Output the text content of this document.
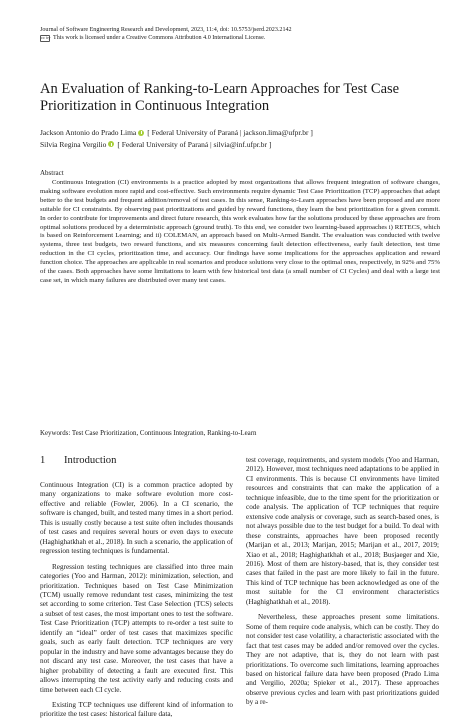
Journal of Software Engineering Research and Development, 2023, 11:4, doi: 10.5753/jserd.2023.2142
cc by This work is licensed under a Creative Commons Attribution 4.0 International License.
An Evaluation of Ranking-to-Learn Approaches for Test Case Prioritization in Continuous Integration
Jackson Antonio do Prado Lima [ Federal University of Paraná | jackson.lima@ufpr.br ]
Silvia Regina Vergilio [ Federal University of Paraná | silvia@inf.ufpr.br ]
Abstract
Continuous Integration (CI) environments is a practice adopted by most organizations that allows frequent integration of software changes, making software evolution more rapid and cost-effective. Such environments require dynamic Test Case Prioritization (TCP) approaches that adapt better to the test budgets and frequent addition/removal of test cases. In this sense, Ranking-to-Learn approaches have been proposed and are more suitable for CI constraints. By observing past prioritizations and guided by reward functions, they learn the best prioritization for a given commit. In order to contribute for improvements and direct future research, this work evaluates how far the solutions produced by these approaches are from optimal solutions produced by a deterministic approach (ground truth). To this end, we consider two learning-based approaches i) RETECS, which is based on Reinforcement Learning; and ii) COLEMAN, an approach based on Multi-Armed Bandit. The evaluation was conducted with twelve systems, three test budgets, two reward functions, and six measures concerning fault detection effectiveness, early fault detection, test time reduction in the CI cycles, prioritization time, and accuracy. Our findings have some implications for the approaches application and reward function choice. The approaches are applicable in real scenarios and produce solutions very close to the optimal ones, respectively, in 92% and 75% of the cases. Both approaches have some limitations to learn with few historical test data (a small number of CI Cycles) and deal with a large test case set, in which many failures are distributed over many test cases.
Keywords: Test Case Prioritization, Continuous Integration, Ranking-to-Learn
1	Introduction

Continuous Integration (CI) is a common practice adopted by many organizations to make software evolution more cost-effective and reliable (Fowler, 2006). In a CI scenario, the software is changed, built, and tested many times in a short period. This is usually costly because a test suite often includes thousands of test cases and requires several hours or even days to execute (Haghighatkhah et al., 2018). In such a scenario, the application of regression testing techniques is fundamental.

Regression testing techniques are classified into three main categories (Yoo and Harman, 2012): minimization, selection, and prioritization. Techniques based on Test Case Minimization (TCM) usually remove redundant test cases, minimizing the test set according to some criterion. Test Case Selection (TCS) selects a subset of test cases, the most important ones to test the software. Test Case Prioritization (TCP) attempts to re-order a test suite to identify an “ideal” order of test cases that maximizes specific goals, such as early fault detection. TCP techniques are very popular in the industry and have some advantages because they do not discard any test case. Moreover, the test cases that have a higher probability of detecting a fault are executed first. This allows interrupting the test activity early and reducing costs and time between each CI cycle.

Existing TCP techniques use different kind of information to prioritize the test cases: historical failure data,

test coverage, requirements, and system models (Yoo and Harman, 2012). However, most techniques need adaptations to be applied in CI environments. This is because CI environments have limited resources and constraints that can make the application of a technique infeasible, due to the time spent for the prioritization or code analysis. The application of TCP techniques that require extensive code analysis or coverage, such as search-based ones, is not always possible due to the test budget for a build. To deal with these constraints, approaches have been proposed recently (Marijan et al., 2013; Marijan, 2015; Marijan et al., 2017, 2019; Xiao et al., 2018; Haghighatkhah et al., 2018; Busjaeger and Xie, 2016). Most of them are history-based, that is, they consider test cases that failed in the past are more likely to fail in the future. This kind of TCP technique has been acknowledged as one of the most suitable for the CI environment characteristics (Haghighatkhah et al., 2018).

Nevertheless, these approaches present some limitations. Some of them require code analysis, which can be costly. They do not consider test case volatility, a characteristic associated with the fact that test cases may be added and/or removed over the cycles. They are not adaptive, that is, they do not learn with past prioritizations. To overcome such limitations, learning approaches based on historical failure data have been proposed (Prado Lima and Vergilio, 2020a; Spieker et al., 2017). These approaches observe previous cycles and learn with past prioritizations guided by a re-
